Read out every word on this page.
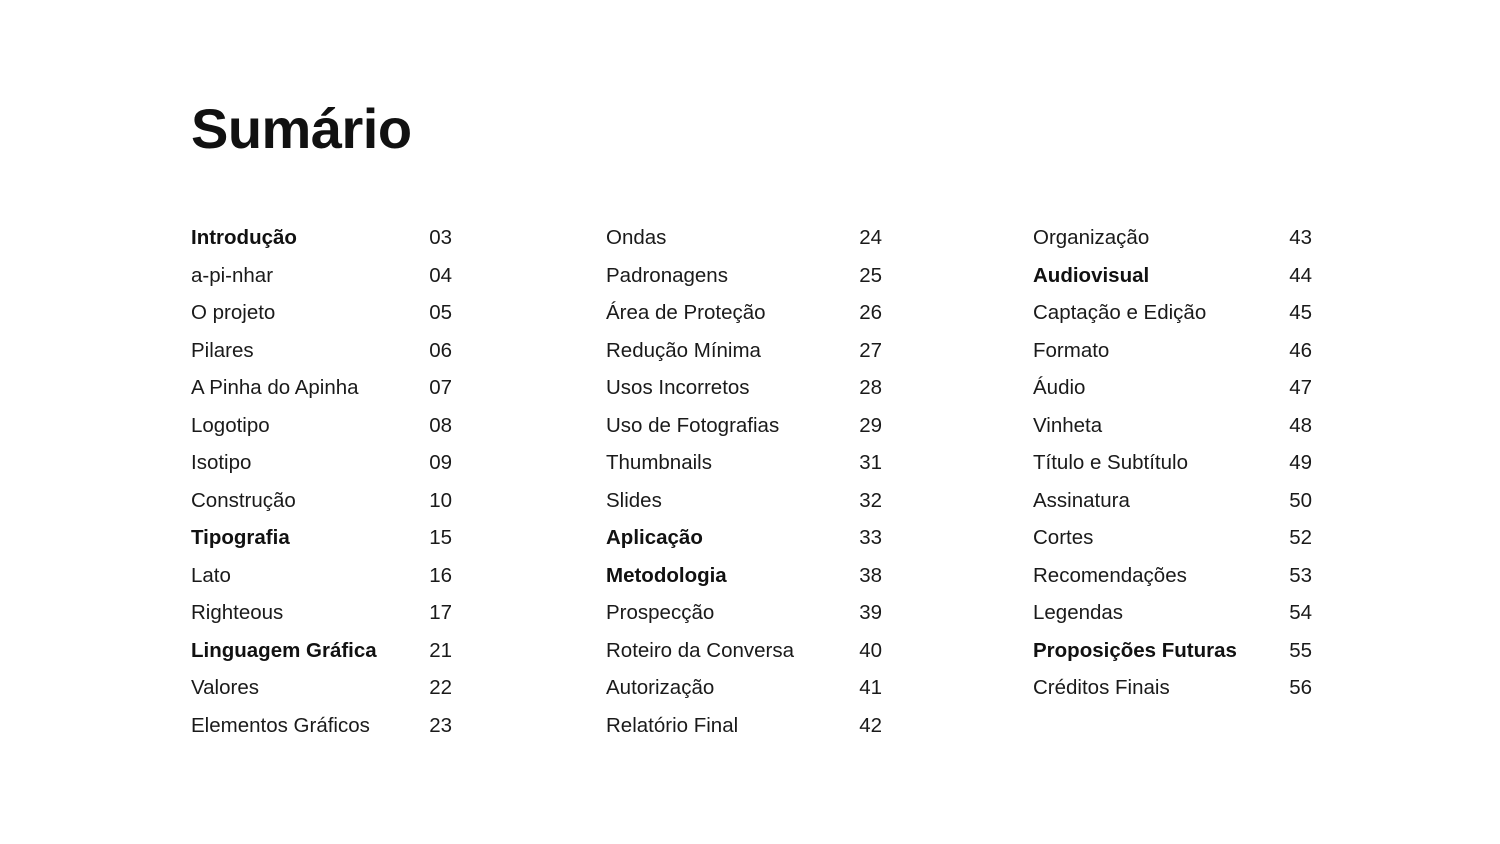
Sumário
Introdução	03
a-pi-nhar	04
O projeto	05
Pilares	06
A Pinha do Apinha	07
Logotipo	08
Isotipo	09
Construção	10
Tipografia	15
Lato	16
Righteous	17
Linguagem Gráfica	21
Valores	22
Elementos Gráficos	23
Ondas	24
Padronagens	25
Área de Proteção	26
Redução Mínima	27
Usos Incorretos	28
Uso de Fotografias	29
Thumbnails	31
Slides	32
Aplicação	33
Metodologia	38
Prospecção	39
Roteiro da Conversa	40
Autorização	41
Relatório Final	42
Organização	43
Audiovisual	44
Captação e Edição	45
Formato	46
Áudio	47
Vinheta	48
Título e Subtítulo	49
Assinatura	50
Cortes	52
Recomendações	53
Legendas	54
Proposições Futuras	55
Créditos Finais	56
